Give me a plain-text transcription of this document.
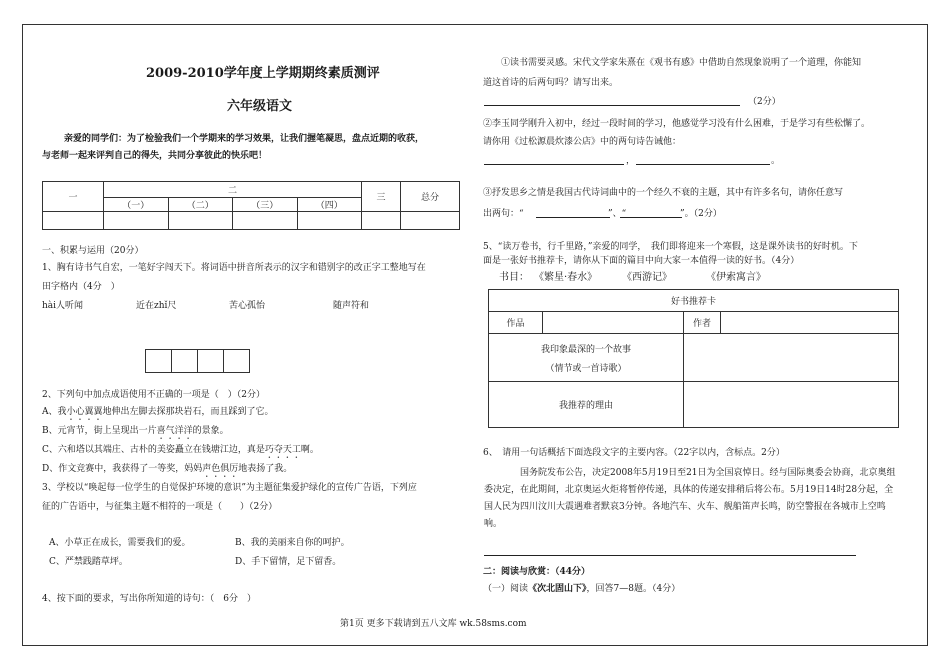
2009-2010学年度上学期期终素质测评
六年级语文
亲爱的同学们：为了检验我们一个学期来的学习效果，让我们握笔凝思，盘点近期的收获，
与老师一起来评判自己的得失，共同分享彼此的快乐吧！
一	二				三	总分
	（一）	（二）	（三）	（四）		

一、积累与运用（20分）
1、胸有诗书气自宏，一笔好字闯天下。将词语中拼音所表示的汉字和错别字的改正字工整地写在
田字格内（4分　）
hài人听闻	近在zhǐ尺	苦心孤怡	随声符和
2、下列句中加点成语使用不正确的一项是（　）（2分）
A、我小心翼翼地伸出左脚去探那块岩石，而且踩到了它。
B、元宵节，街上呈现出一片喜气洋洋的景象。
C、六和塔以其端庄、古朴的美姿矗立在钱塘江边，真是巧夺天工啊。
D、作文竞赛中，我获得了一等奖，妈妈声色俱厉地表扬了我。
3、学校以“唤起每一位学生的自觉保护环境的意识”为主题征集爱护绿化的宣传广告语，下列应
征的广告语中，与征集主题不相符的一项是（　　）（2分）
A、小草正在成长，需要我们的爱。	B、我的美丽来自你的呵护。
C、严禁践踏草坪。	D、手下留情，足下留香。
4、按下面的要求，写出你所知道的诗句：（　6分　）
①读书需要灵感。宋代文学家朱熹在《观书有感》中借助自然现象说明了一个道理，你能知
道这首诗的后两句吗？请写出来。
（2分）
②李玉同学刚升入初中，经过一段时间的学习，他感觉学习没有什么困难，于是学习有些松懈了。
请你用《过松源晨炊漆公店》中的两句诗告诫他：
，	。
③抒发思乡之情是我国古代诗词曲中的一个经久不衰的主题，其中有许多名句，请你任意写
出两句：“	”、“	”。（2分）
5、“读万卷书，行千里路，”亲爱的同学，　我们即将迎来一个寒假，这是课外读书的好时机。下
面是一张好书推荐卡，请你从下面的篇目中向大家一本值得一读的好书。（4分）
书目： 《繁星·春水》 《西游记》	《伊索寓言》
好书推荐卡			
作品		作者	

我印象最深的一个故事
（情节或一首诗歌）			

我推荐的理由			
6、　请用一句话概括下面选段文字的主要内容。（22字以内，含标点。2分）
国务院发布公告，决定2008年5月19日至21日为全国哀悼日。经与国际奥委会协商，北京奥组委决定，在此期间，北京奥运火炬将暂停传递，具体的传递安排稍后将公布。5月19日14时28分起，全国人民为四川汶川大震遇难者默哀3分钟。各地汽车、火车、舰船笛声长鸣，防空警报在各城市上空鸣响。
二：阅读与欣赏：（44分）
（一）阅读《次北固山下》，回答7—8题。（4分）
第1页 更多下载请到五八文库 wk.58sms.com
